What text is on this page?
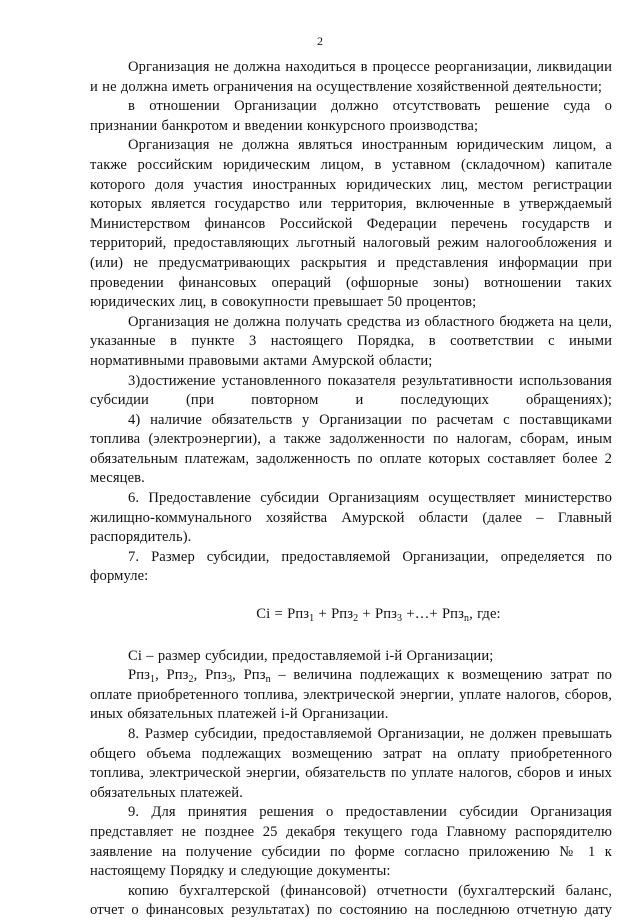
2

Организация не должна находиться в процессе реорганизации, ликвидации и не должна иметь ограничения на осуществление хозяйственной деятельности;

в отношении Организации должно отсутствовать решение суда о признании банкротом и введении конкурсного производства;

Организация не должна являться иностранным юридическим лицом, а также российским юридическим лицом, в уставном (складочном) капитале которого доля участия иностранных юридических лиц, местом регистрации которых является государство или территория, включенные в утверждаемый Министерством финансов Российской Федерации перечень государств и территорий, предоставляющих льготный налоговый режим налогообложения и (или) не предусматривающих раскрытия и представления информации при проведении финансовых операций (офшорные зоны) вотношении таких юридических лиц, в совокупности превышает 50 процентов;

Организация не должна получать средства из областного бюджета на цели, указанные в пункте 3 настоящего Порядка, в соответствии с иными нормативными правовыми актами Амурской области;

3)достижение установленного показателя результативности использования субсидии (при повторном и последующих обращениях);

4) наличие обязательств у Организации по расчетам с поставщиками топлива (электроэнергии), а также задолженности по налогам, сборам, иным обязательным платежам, задолженность по оплате которых составляет более 2 месяцев.

6. Предоставление субсидии Организациям осуществляет министерство жилищно-коммунального хозяйства Амурской области (далее – Главный распорядитель).

7. Размер субсидии, предоставляемой Организации, определяется по формуле:

Ci = Рпз$_1$ + Рпз$_2$ + Рпз$_3$ +…+ Рпз$_n$, где:

Ci – размер субсидии, предоставляемой i-й Организации;

Рпз$_1$, Рпз$_2$, Рпз$_3$, Рпз$_n$ – величина подлежащих к возмещению затрат по оплате приобретенного топлива, электрической энергии, уплате налогов, сборов, иных обязательных платежей i-й Организации.

8. Размер субсидии, предоставляемой Организации, не должен превышать общего объема подлежащих возмещению затрат на оплату приобретенного топлива, электрической энергии, обязательств по уплате налогов, сборов и иных обязательных платежей.

9. Для принятия решения о предоставлении субсидии Организация представляет не позднее 25 декабря текущего года Главному распорядителю заявление на получение субсидии по форме согласно приложению № 1 к настоящему Порядку и следующие документы:

копию бухгалтерской (финансовой) отчетности (бухгалтерский баланс, отчет о финансовых результатах) по состоянию на последнюю отчетную дату
